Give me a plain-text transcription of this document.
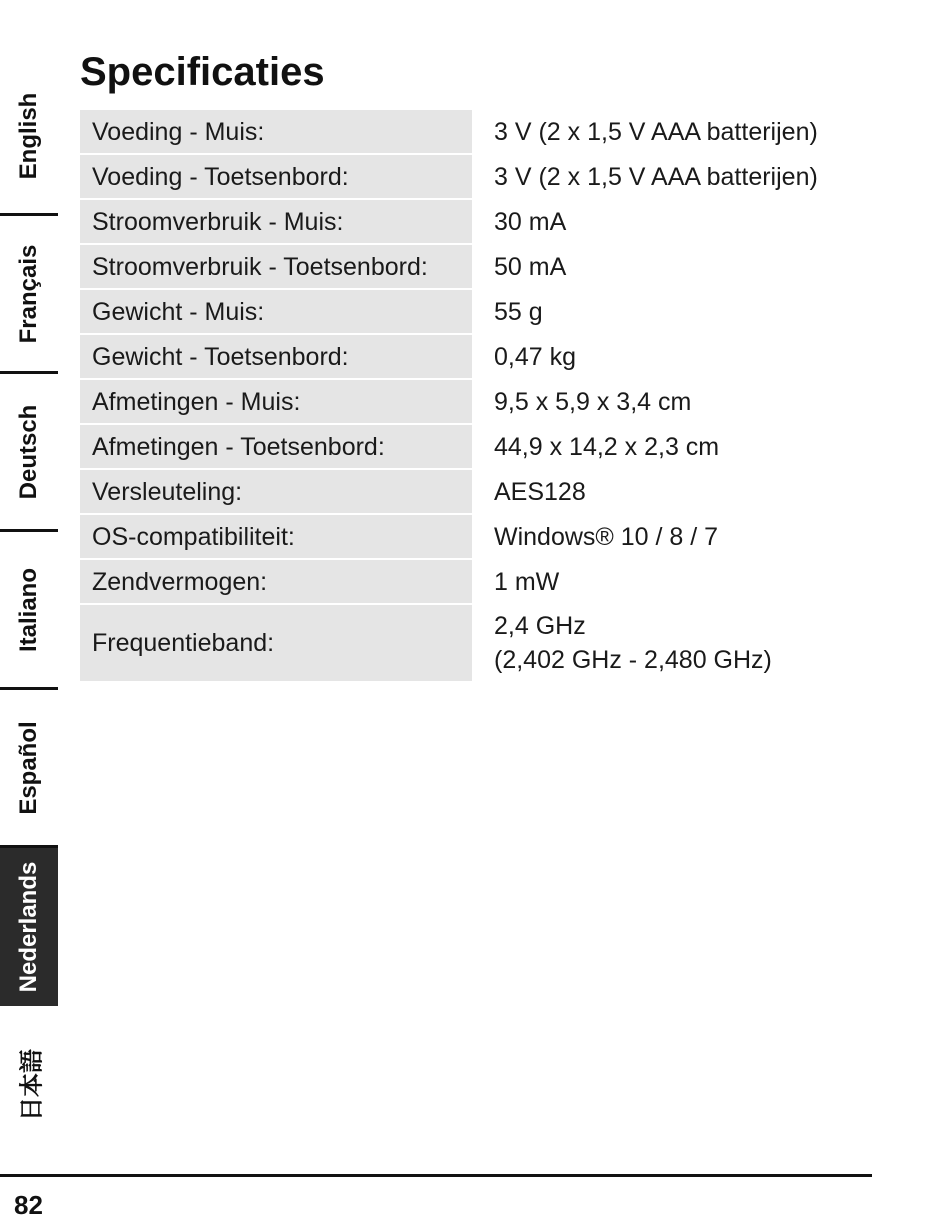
English
Français
Deutsch
Italiano
Español
Nederlands
日本語
Specificaties
Voeding - Muis:	3 V (2 x 1,5 V AAA batterijen)
Voeding - Toetsenbord:	3 V (2 x 1,5 V AAA batterijen)
Stroomverbruik - Muis:	30 mA
Stroomverbruik - Toetsenbord:	50 mA
Gewicht - Muis:	55 g
Gewicht - Toetsenbord:	0,47 kg
Afmetingen - Muis:	9,5 x 5,9 x 3,4 cm
Afmetingen - Toetsenbord:	44,9 x 14,2 x 2,3 cm
Versleuteling:	AES128
OS-compatibiliteit:	Windows® 10 / 8 / 7
Zendvermogen:	1 mW
Frequentieband:	2,4 GHz
(2,402 GHz - 2,480 GHz)
82
